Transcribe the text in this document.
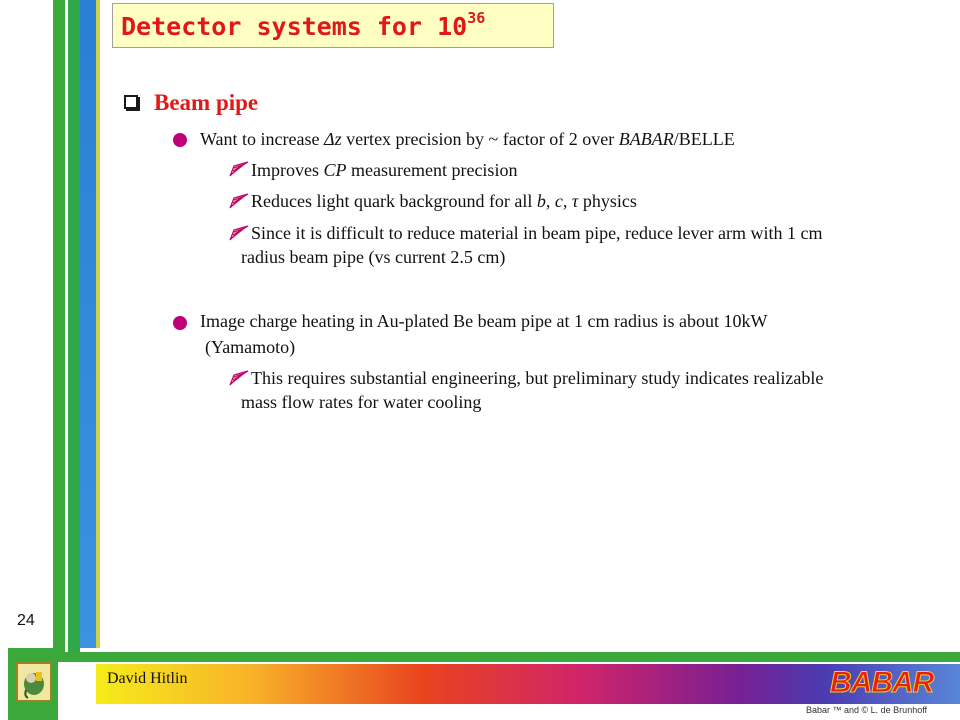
Detector systems for $10^{36}$
Beam pipe
Want to increase Δz vertex precision by ~ factor of 2 over BABAR/BELLE
Improves CP measurement precision
Reduces light quark background for all b, c, τ physics
Since it is difficult to reduce material in beam pipe, reduce lever arm with 1 cm
radius beam pipe (vs current 2.5 cm)
Image charge heating in Au-plated Be beam pipe at 1 cm radius is about 10kW
(Yamamoto)
This requires substantial engineering, but preliminary study indicates realizable
mass flow rates for water cooling
24
David Hitlin	BABAR
Babar ™ and © L. de Brunhoff
